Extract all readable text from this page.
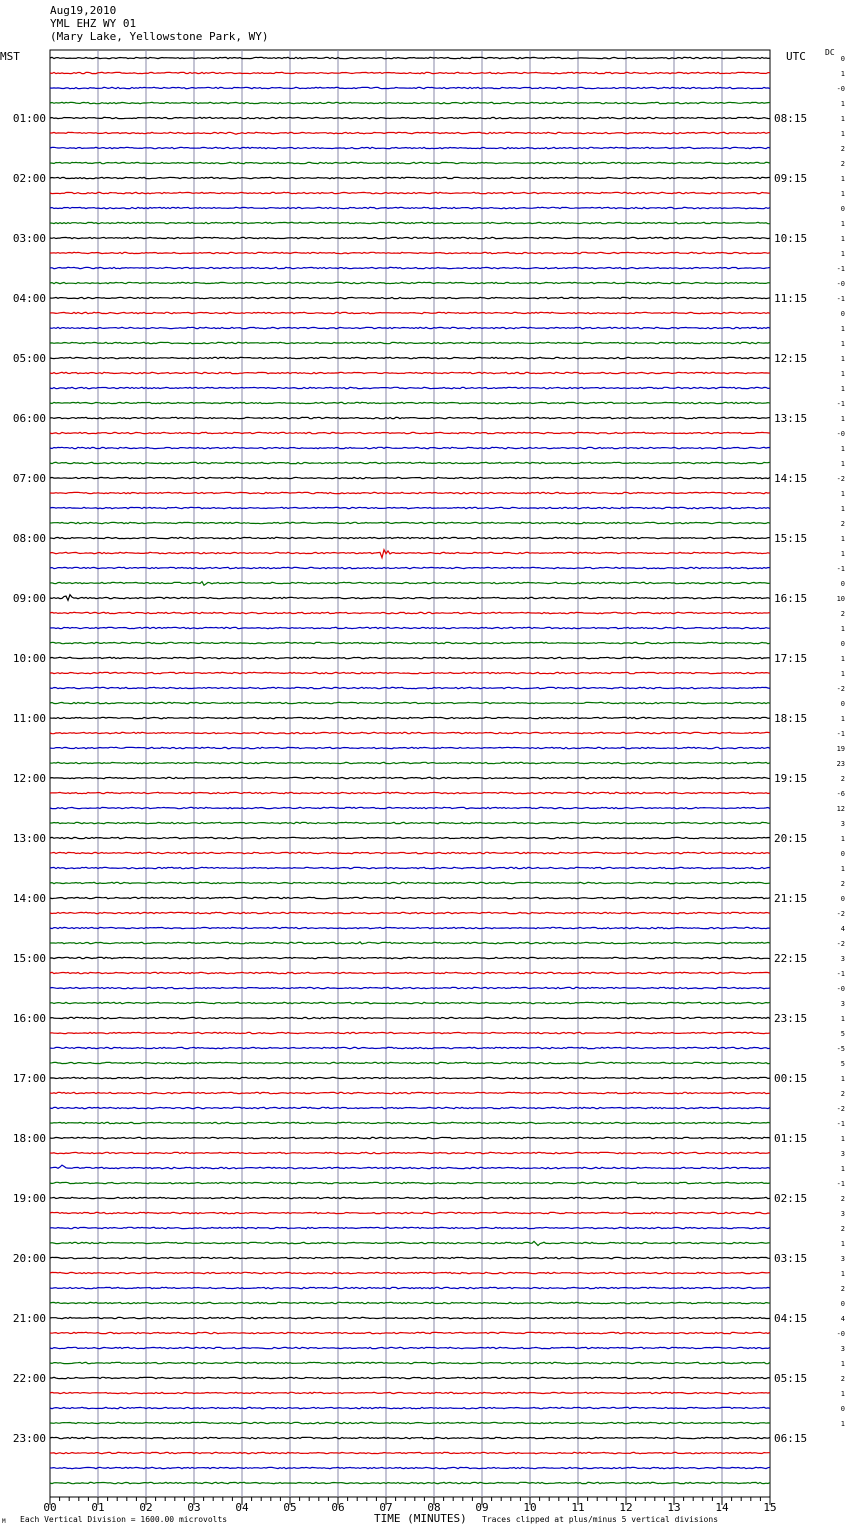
Aug19,2010
YML EHZ WY 01
(Mary Lake, Yellowstone Park, WY)
MST	UTC DC
01:00
02:00
03:00
04:00
05:00
06:00
07:00
08:00
09:00
10:00
11:00
12:00
13:00
14:00
15:00
16:00
17:00
18:00
19:00
20:00
21:00
22:00
23:00
08:15
09:15
10:15
11:15
12:15
13:15
14:15
15:15
16:15
17:15
18:15
19:15
20:15
21:15
22:15
23:15
00:15
01:15
02:15
03:15
04:15
05:15
06:15
0
1
-0
1
1
1
2
2
1
1
0
1
1
1
-1
-0
-1
0
1
1
1
1
1
-1
1
-0
1
1
-2
1
1
2
1
1
-1
0
10
2
1
0
1
1
-2
0
1
-1
19
23
2
-6
12
3
1
0
1
2
0
-2
4
-2
3
-1
-0
3
1
5
-5
5
1
2
-2
-1
1
3
1
-1
2
3
2
1
3
1
2
0
4
-0
3
1
2
1
0
1
00	01	02	03	04	05	06	07	08	09	10	11	12	13	14	15
M Each Vertical Division = 1600.00 microvolts	TIME (MINUTES) Traces clipped at plus/minus 5 vertical divisions
